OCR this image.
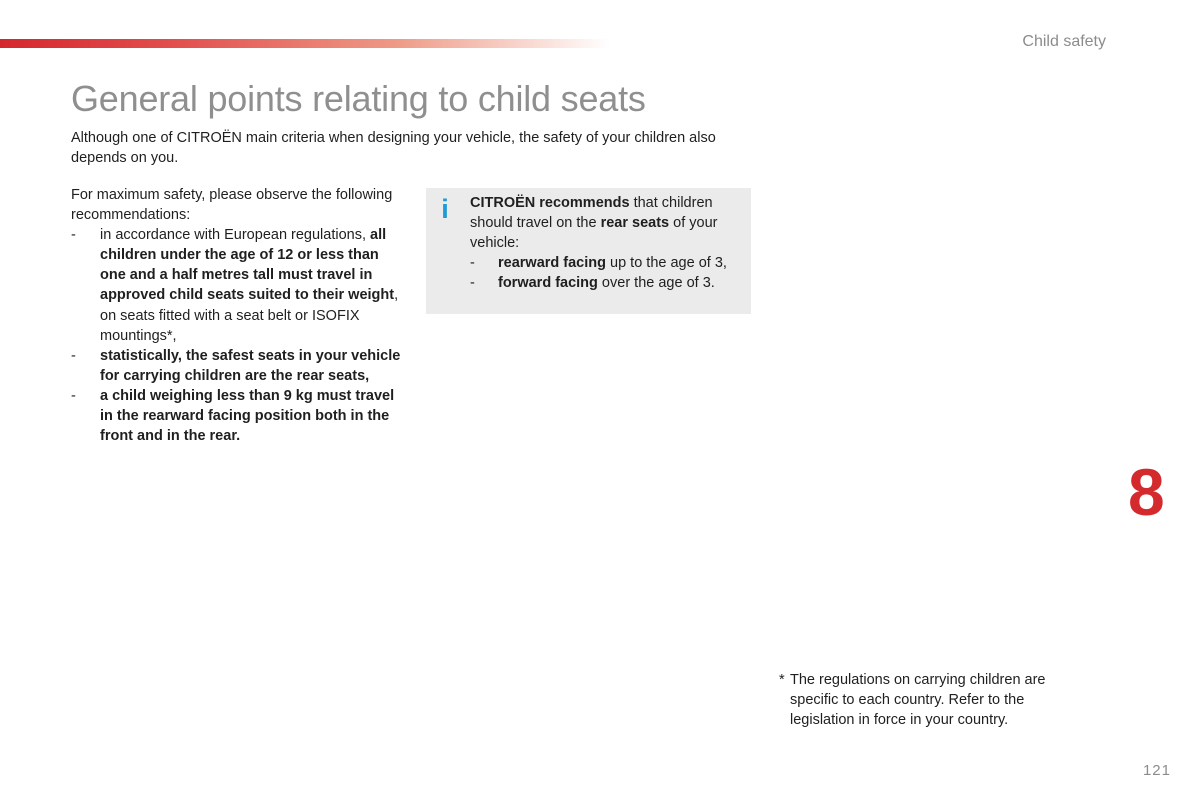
Child safety
General points relating to child seats

Although one of CITROËN main criteria when designing your vehicle, the safety of your children also depends on you.

For maximum safety, please observe the following recommendations:

-	in accordance with European regulations, all children under the age of 12 or less than one and a half metres tall must travel in approved child seats suited to their weight, on seats fitted with a seat belt or ISOFIX mountings*,
-	statistically, the safest seats in your vehicle for carrying children are the rear seats,
-	a child weighing less than 9 kg must travel in the rearward facing position both in the front and in the rear.
i CITROËN recommends that children should travel on the rear seats of your vehicle:

-	rearward facing up to the age of 3,
-	forward facing over the age of 3.
* The regulations on carrying children are specific to each country. Refer to the legislation in force in your country.
8
121
